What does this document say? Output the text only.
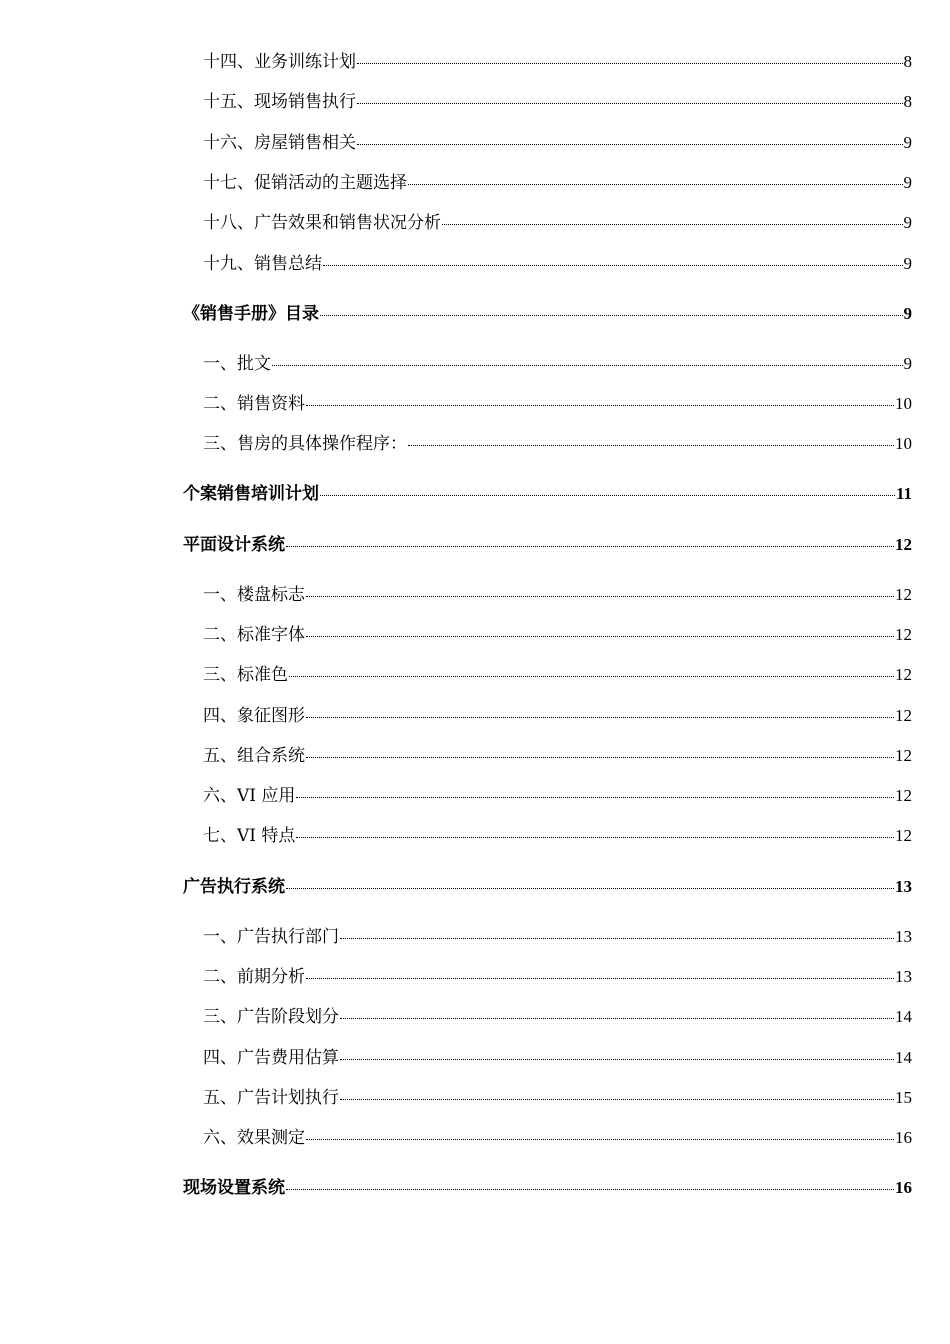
十四、业务训练计划	8
十五、现场销售执行	8
十六、房屋销售相关	9
十七、促销活动的主题选择	9
十八、广告效果和销售状况分析	9
十九、销售总结	9
《销售手册》目录	9
一、批文	9
二、销售资料	10
三、售房的具体操作程序：	10
个案销售培训计划	11
平面设计系统	12
一、楼盘标志	12
二、标准字体	12
三、标准色	12
四、象征图形	12
五、组合系统	12
六、VI 应用	12
七、VI 特点	12
广告执行系统	13
一、广告执行部门	13
二、前期分析	13
三、广告阶段划分	14
四、广告费用估算	14
五、广告计划执行	15
六、效果测定	16
现场设置系统	16
